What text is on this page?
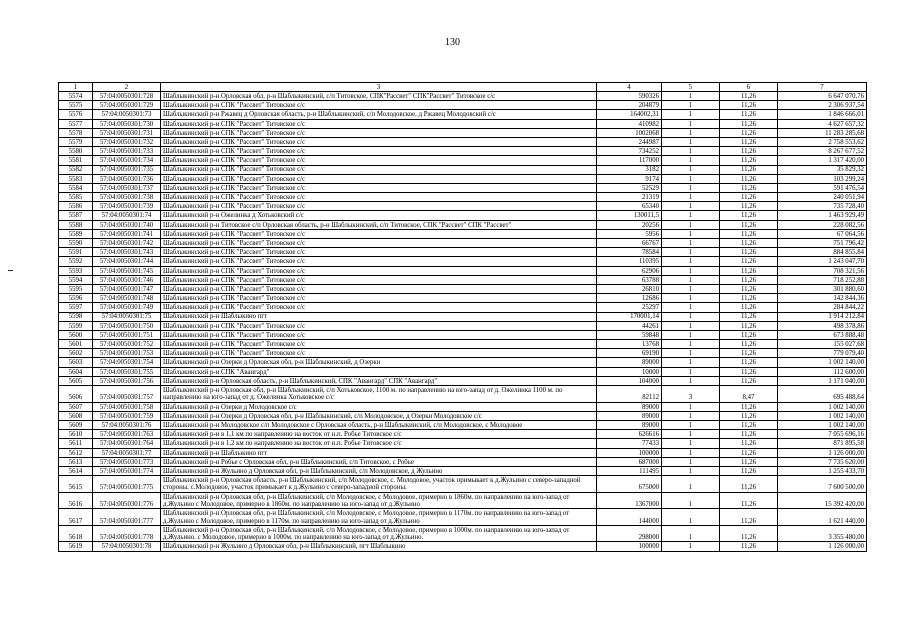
130
1	2	3	4	5	6	7
5574	57:04:0050301:728	Шаблыкинский р-н Орловская обл, р-н Шаблыкинский, с/п Титовское, СПК"Рассвет" СПК"Рассвет" Титовское с/с	590326	1	11,26	6 647 070,76
5575	57:04:0050301:729	Шаблыкинский р-н СПК "Рассвет" Титовское с/с	204879	1	11,26	2 306 937,54
5576	57:04:0050301:73	Шаблыкинский р-н Ржавец д Орловская область, р-н Шаблыкинский, с/п Молодовское, д Ржавец Молодовский с/с	164002,31	1	11,26	1 846 666,01
5577	57:04:0050301:730	Шаблыкинский р-н СПК "Рассвет" Титовское с/с	410982	1	11,26	4 627 657,32
5578	57:04:0050301:731	Шаблыкинский р-н СПК "Рассвет" Титовское с/с	1002068	1	11,26	11 283 285,68
5579	57:04:0050301:732	Шаблыкинский р-н СПК "Рассвет" Титовское с/с	244987	1	11,26	2 758 553,62
5580	57:04:0050301:733	Шаблыкинский р-н СПК "Рассвет" Титовское с/с	734252	1	11,26	8 267 677,52
5581	57:04:0050301:734	Шаблыкинский р-н СПК "Рассвет" Титовское с/с	117000	1	11,26	1 317 420,00
5582	57:04:0050301:735	Шаблыкинский р-н СПК "Рассвет" Титовское с/с	3182	1	11,26	35 829,32
5583	57:04:0050301:736	Шаблыкинский р-н СПК "Рассвет" Титовское с/с	9174	1	11,26	103 299,24
5584	57:04:0050301:737	Шаблыкинский р-н СПК "Рассвет" Титовское с/с	52529	1	11,26	591 476,54
5585	57:04:0050301:738	Шаблыкинский р-н СПК "Рассвет" Титовское с/с	21319	1	11,26	240 051,94
5586	57:04:0050301:739	Шаблыкинский р-н СПК "Рассвет" Титовское с/с	65340	1	11,26	735 728,40
5587	57:04:0050301:74	Шаблыкинский р-н Ожелинка д Хотьковский с/с	130011,5	1	11,26	1 463 929,49
5588	57:04:0050301:740	Шаблыкинский р-н Титовское с/п Орловская область, р-н Шаблыкинский, с/п Титовское, СПК "Рассвет" СПК "Рассвет"	20256	1	11,26	228 082,56
5589	57:04:0050301:741	Шаблыкинский р-н СПК "Рассвет" Титовское с/с	5956	1	11,26	67 064,56
5590	57:04:0050301:742	Шаблыкинский р-н СПК "Рассвет" Титовское с/с	66767	1	11,26	751 796,42
5591	57:04:0050301:743	Шаблыкинский р-н СПК "Рассвет" Титовское с/с	78584	1	11,26	884 855,84
5592	57:04:0050301:744	Шаблыкинский р-н СПК "Рассвет" Титовское с/с	110395	1	11,26	1 243 047,70
5593	57:04:0050301:745	Шаблыкинский р-н СПК "Рассвет" Титовское с/с	62906	1	11,26	708 321,56
5594	57:04:0050301:746	Шаблыкинский р-н СПК "Рассвет" Титовское с/с	63788	1	11,26	718 252,88
5595	57:04:0050301:747	Шаблыкинский р-н СПК "Рассвет" Титовское с/с	26810	1	11,26	301 880,60
5596	57:04:0050301:748	Шаблыкинский р-н СПК "Рассвет" Титовское с/с	12686	1	11,26	142 844,36
5597	57:04:0050301:749	Шаблыкинский р-н СПК "Рассвет" Титовское с/с	25297	1	11,26	284 844,22
5598	57:04:0050301:75	Шаблыкинский р-н Шаблыкино пгт	170001,14	1	11,26	1 914 212,84
5599	57:04:0050301:750	Шаблыкинский р-н СПК "Рассвет" Титовское с/с	44261	1	11,26	498 378,86
5600	57:04:0050301:751	Шаблыкинский р-н СПК "Рассвет" Титовское с/с	59848	1	11,26	673 888,48
5601	57:04:0050301:752	Шаблыкинский р-н СПК "Рассвет" Титовское с/с	13768	1	11,26	155 027,68
5602	57:04:0050301:753	Шаблыкинский р-н СПК "Рассвет" Титовское с/с	69190	1	11,26	779 079,40
5603	57:04:0050301:754	Шаблыкинский р-н Озерки д Орловская обл, р-н Шаблыкинский, д Озерки	89000	1	11,26	1 002 140,00
5604	57:04:0050301:755	Шаблыкинский р-н СПК "Авангард"	10000	1	11,26	112 600,00
5605	57:04:0050301:756	Шаблыкинский р-н Орловская область, р-н Шаблыкинский, СПК "Авангард" СПК "Авангард"	104000	1	11,26	1 171 040,00
5606	57:04:0050301:757	Шаблыкинский р-н Орловская обл, р-н Шаблыкинский, с/п Хотьковское, 1100 м. по направлению на юго-запад от д. Ожелинка 1100 м. по направлению на юго-запад от д. Ожелинка Хотьковское с/с	82112	3	8,47	695 488,64
5607	57:04:0050301:758	Шаблыкинский р-н Озерки д Молодовское с/с	89000	1	11,26	1 002 140,00
5608	57:04:0050301:759	Шаблыкинский р-н Озерки д Орловская обл, р-н Шаблыкинский, с/п Молодовское, д Озерки Молодовское с/с	89000	1	11,26	1 002 140,00
5609	57:04:0050301:76	Шаблыкинский р-н Молодовское с/п Молодовское с Орловская область, р-н Шаблыкинский, с/п Молодовское, с Молодовое	89000	1	11,26	1 002 140,00
5610	57:04:0050301:763	Шаблыкинский р-н в 1,1 км по направлению на восток от н.п. Робье Титовское с/с	626616	1	11,26	7 055 696,16
5611	57:04:0050301:764	Шаблыкинский р-н в 1,2 км по направлению на восток от н.п. Робье Титовское с/с	77433	1	11,26	871 895,58
5612	57:04:0050301:77	Шаблыкинский р-н Шаблыкино пгт	100000	1	11,26	1 126 000,00
5613	57:04:0050301:773	Шаблыкинский р-н Робье с Орловская обл, р-н Шаблыкинский, с/п Титовское, с Робье	687000	1	11,26	7 735 620,00
5614	57:04:0050301:774	Шаблыкинский р-н Жульино д Орловская обл, р-н Шаблыкинский, с/п Молодовское, д Жульино	111495	1	11,26	1 255 433,70
5615	57:04:0050301:775	Шаблыкинский р-н Орловская область, р-н Шаблыкинский, с/п Молодовское, с. Молодовое, участок примыкает к д.Жульино с северо-западной стороны. с.Молодовое, участок примыкает к д.Жульино с северо-западной стороны.	675000	1	11,26	7 600 500,00
5616	57:04:0050301:776	Шаблыкинский р-н Орловская обл, р-н Шаблыкинский, с/п Молодовское, с Молодовое, примерно в 1860м. по направлению на юго-запад от д.Жульино с Молодовое, примерно в 1860м. по направлению на юго-запад от д.Жульино	1367000	1	11,26	15 392 420,00
5617	57:04:0050301:777	Шаблыкинский р-н Орловская обл, р-н Шаблыкинский, с/п Молодовское, с Молодовое, примерно в 1170м. по направлению на юго-запад от д.Жульино с Молодовое, примерно в 1170м. по направлению на юго-запад от д.Жульино	144000	1	11,26	1 621 440,00
5618	57:04:0050301:778	Шаблыкинский р-н Орловская обл, р-н Шаблыкинский, с/п Молодовское, с Молодовое, примерно в 1000м. по направлению на юго-запад от д.Жульино. с Молодовое, примерно в 1000м. по направлению на юго-запад от д.Жульино.	298000	1	11,26	3 355 480,00
5619	57:04:0050301:78	Шаблыкинский р-н Жульино д Орловская обл, р-н Шаблыкинский, пгт Шаблыкино	100000	1	11,26	1 126 000,00
